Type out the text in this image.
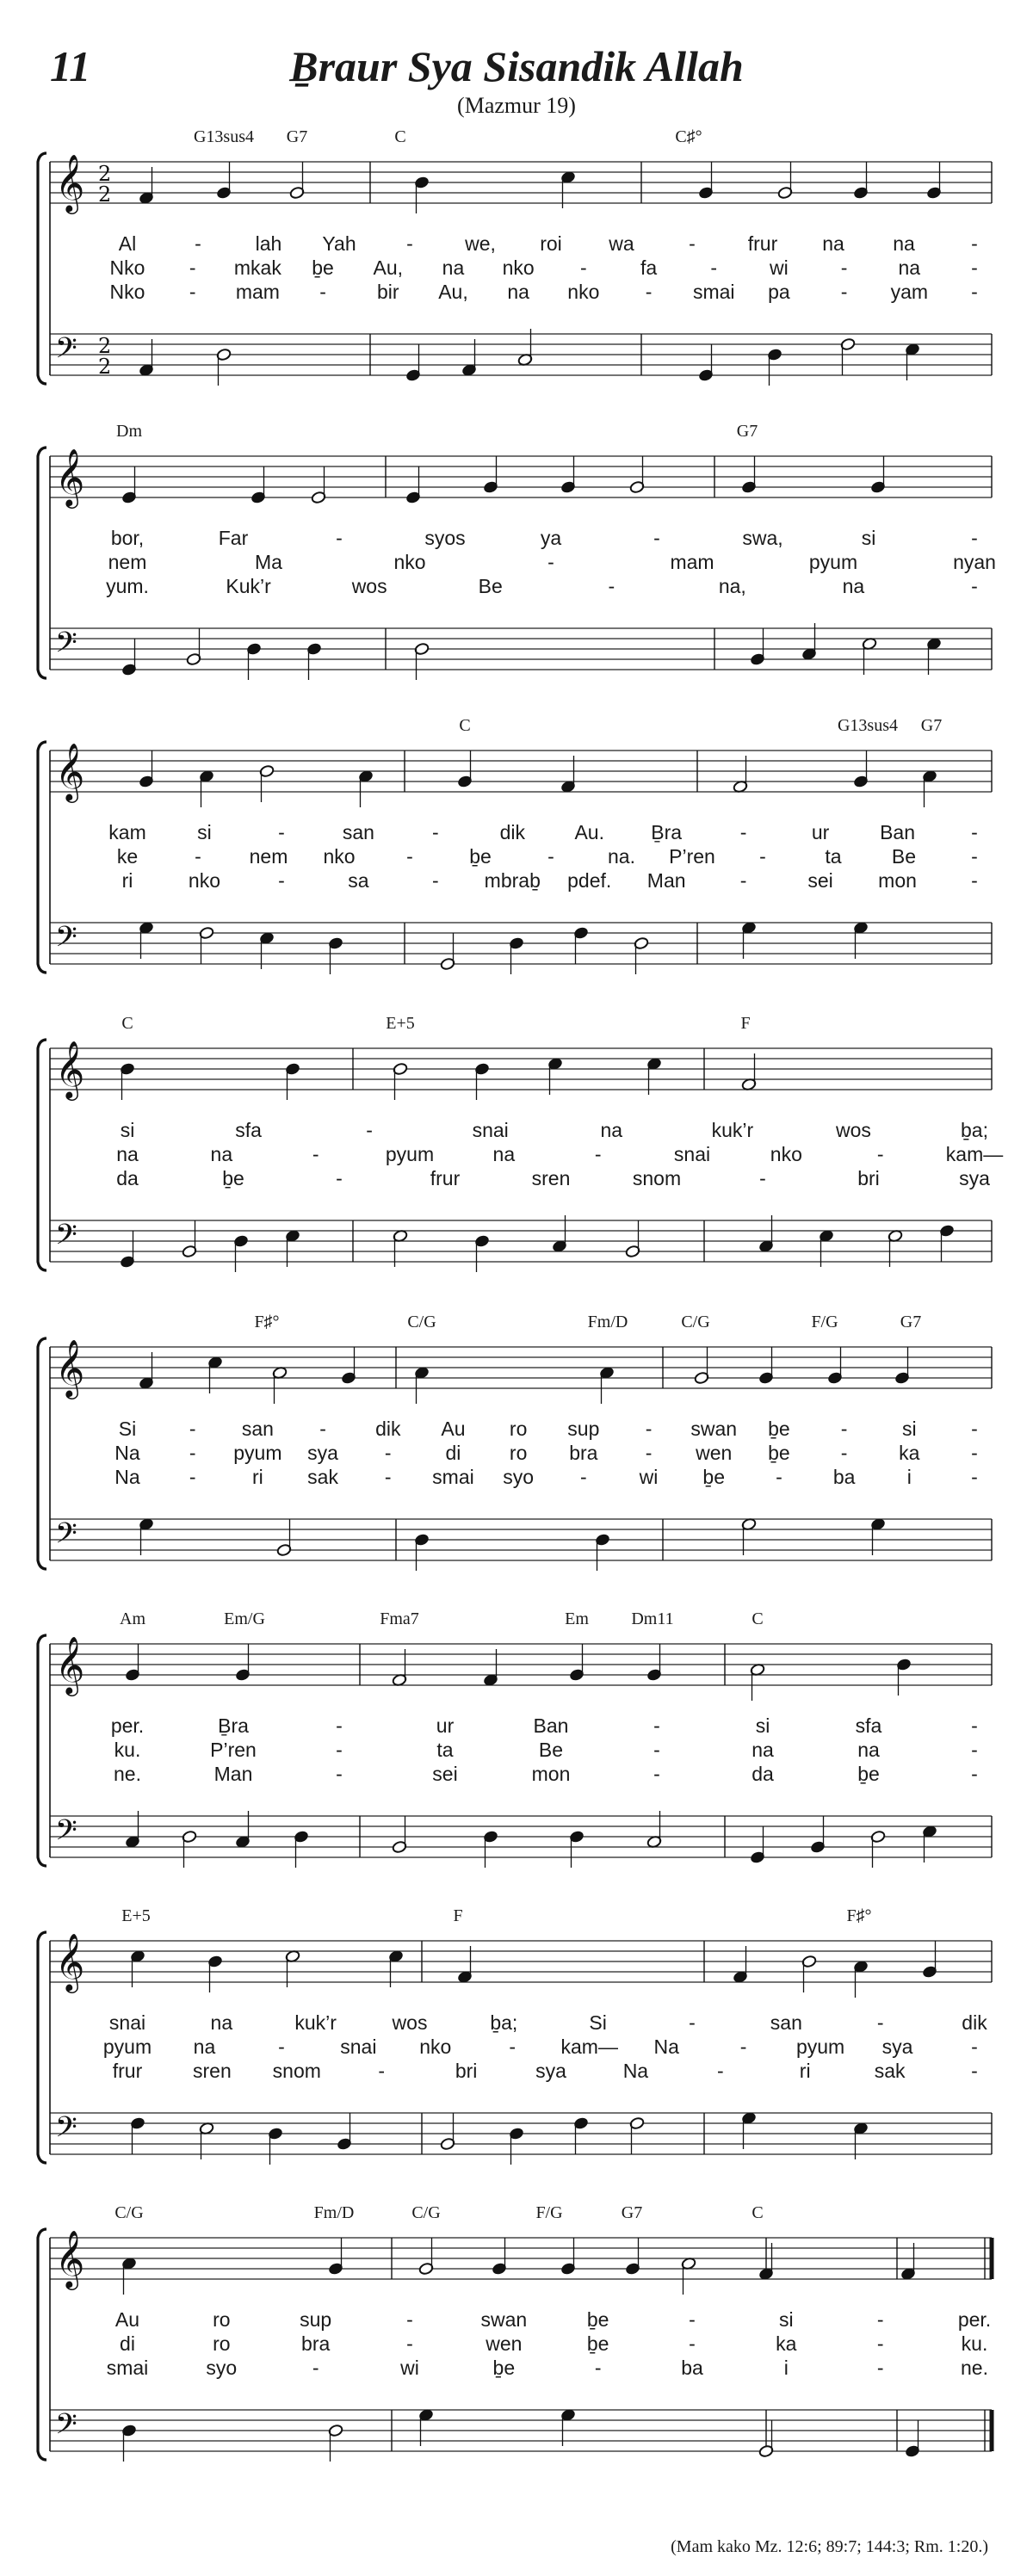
11	Ḇraur Sya Sisandik Allah
(Mazmur 19)
𝄞
𝄢
2
2
2
2
G13sus4 G7	C	C♯°
Al	-	lah Yah	-	we, roi wa	-	frur na na	-
Nko - mkak ḇe Au, na nko -	fa	-	wi	-	na	-
Nko - mam -	bir Au, na nko - smai pa	- yam -
𝄞
𝄢
Dm	G7
bor,	Far	-	syos	ya	-	swa,	si	-
nem	Ma	nko	-	mam	pyum	nyan
yum.	Kuk’r	wos	Be	-	na,	na	-
𝄞
𝄢
C	G13sus4 G7
kam	si	-	san	-	dik Au. Ḇra	-	ur	Ban	-
ke	- nem nko	-	ḇe	-	na. P’ren -	ta	Be	-
ri	nko	-	sa	- mbraḇ pdef. Man	-	sei mon	-
𝄞
𝄢
C	E+5	F
si	sfa	-	snai	na	kuk’r	wos	ḇa;
na	na	-	pyum	na	-	snai	nko	-	kam—
da	ḇe	-	frur	sren	snom	-	bri	sya
𝄞
𝄢
F♯°	C/G	Fm/D	C/G	F/G	G7
Si	- san - dik Au ro sup - swan ḇe	-	si	-
Na - pyum sya -	di ro bra - wen ḇe	-	ka	-
Na -	ri sak - smai syo -	wi ḇe	-	ba	i	-
𝄞
𝄢
Am	Em/G	Fma7	Em Dm11	C
per.	Ḇra	-	ur	Ban	-	si	sfa	-
ku.	P’ren	-	ta	Be	-	na	na	-
ne.	Man	-	sei	mon	-	da	ḇe	-
𝄞
𝄢
E+5	F	F♯°
snai	na	kuk’r	wos	ḇa;	Si	-	san	-	dik
pyum na	-	snai nko	- kam— Na	- pyum sya	-
frur	sren snom	-	bri	sya	Na	-	ri	sak	-
𝄞
𝄢
C/G	Fm/D	C/G	F/G	G7	C
Au	ro	sup	-	swan	ḇe	-	si	-	per.
di	ro	bra	-	wen	ḇe	-	ka	-	ku.
smai	syo	-	wi	ḇe	-	ba	i	-	ne.
(Mam kako Mz. 12:6; 89:7; 144:3; Rm. 1:20.)
